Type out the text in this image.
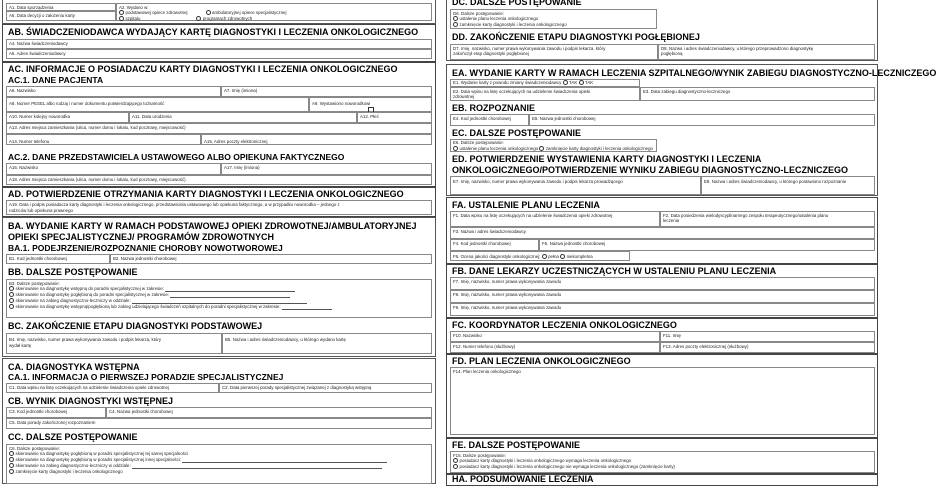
A1. Data sporządzenia	A2. Wydano w:
podstawowej opiece zdrowotnej	ambulatoryjnej opiece specjalistycznej
szpitalu	programach zdrowotnych
A6. Data decyzji o założeniu karty
AB. ŚWIADCZENIODAWCA WYDAJĄCY KARTĘ DIAGNOSTYKI I LECZENIA ONKOLOGICZNEGO
A4. Nazwa świadczeniodawcy
A5. Adres świadczeniodawcy
AC. INFORMACJE O POSIADACZU KARTY DIAGNOSTYKI I LECZENIA ONKOLOGICZNEGO
AC.1. DANE PACJENTA
A6. Nazwisko	A7. Imię (imiona)
A8. Numer PESEL albo rodzaj i numer dokumentu potwierdzającego tożsamość	A9. Wystawiono noworodkowi
A10. Numer kolejny noworodka	A11. Data urodzenia	A12. Płeć
A13. Adres miejsca zamieszkania (ulica, numer domu i lokalu, kod pocztowy, miejscowość)
A14. Numer telefonu	A15. Adres poczty elektronicznej
AC.2. DANE PRZEDSTAWICIELA USTAWOWEGO ALBO OPIEKUNA FAKTYCZNEGO
A16. Nazwisko	A17. Imię (imiona)
A18. Adres miejsca zamieszkania (ulica, numer domu i lokalu, kod pocztowy, miejscowość)
AD. POTWIERDZENIE OTRZYMANIA KARTY DIAGNOSTYKI I LECZENIA ONKOLOGICZNEGO
A19. Data i podpis posiadacza karty diagnostyki i leczenia onkologicznego, przedstawiciela ustawowego lub opiekuna faktycznego, a w przypadku noworodka – jednego z
rodziców lub opiekuna prawnego
BA. WYDANIE KARTY W RAMACH PODSTAWOWEJ OPIEKI ZDROWOTNEJ/AMBULATORYJNEJ OPIEKI SPECJALISTYCZNEJ/ PROGRAMÓW ZDROWOTNYCH
BA.1. PODEJRZENIE/ROZPOZNANIE CHOROBY NOWOTWOROWEJ
B1. Kod jednostki chorobowej	B2. Nazwa jednostki chorobowej
BB. DALSZE POSTĘPOWANIE
B3. Dalsze postępowanie:
skierowanie na diagnostykę wstępną do poradni specjalistycznej w zakresie:
skierowanie na diagnostykę pogłębioną do poradni specjalistycznej w zakresie:
skierowanie na zabieg diagnostyczno-leczniczy w oddziale:
skierowanie na diagnostykę wstępną/pogłębioną lub zabieg udzielającego świadczeń szpitalnych do poradni specjalistycznej w zakresie:
BC. ZAKOŃCZENIE ETAPU DIAGNOSTYKI PODSTAWOWEJ
B4. Imię, nazwisko, numer prawa wykonywania zawodu i podpis lekarza, który
wydał kartę
B5. Nazwa i adres świadczeniodawcy, u którego wydano kartę
CA. DIAGNOSTYKA WSTĘPNA
CA.1. INFORMACJA O PIERWSZEJ PORADZIE SPECJALISTYCZNEJ
C1. Data wpisu na listę oczekujących na udzielenie świadczenia opieki zdrowotnej	C2. Data pierwszej porady specjalistycznej związanej z diagnostyką wstępną
CB. WYNIK DIAGNOSTYKI WSTĘPNEJ
C3. Kod jednostki chorobowej	C4. Nazwa jednostki chorobowej
C5. Data porady zakończonej rozpoznaniem
CC. DALSZE POSTĘPOWANIE
C6. Dalsze postępowanie:
skierowanie na diagnostykę pogłębioną w poradni specjalistycznej tej samej specjalności
skierowanie na diagnostykę pogłębioną w poradni specjalistycznej innej specjalności:
skierowanie na zabieg diagnostyczno-leczniczy w oddziale:
zamknięcie karty diagnostyki i leczenia onkologicznego
DC. DALSZE POSTĘPOWANIE
D6. Dalsze postępowanie:
ustalenie planu leczenia onkologicznego
zamknięcie karty diagnostyki i leczenia onkologicznego
DD. ZAKOŃCZENIE ETAPU DIAGNOSTYKI POGŁĘBIONEJ
D7. Imię, nazwisko, numer prawa wykonywania zawodu i podpis lekarza, który
zakończył etap diagnostyki pogłębionej
D8. Nazwa i adres świadczeniodawcy, u którego przeprowadzono diagnostykę
pogłębioną
EA. WYDANIE KARTY W RAMACH LECZENIA SZPITALNEGO/WYNIK ZABIEGU DIAGNOSTYCZNO-LECZNICZEGO
E1. Wydanie karty z powodu zmiany świadczeniodawcy TAK TAK
E2. Data wpisu na listę oczekujących na udzielenie świadczenia opieki
zdrowotnej
E3. Data zabiegu diagnostyczno-leczniczego
EB. ROZPOZNANIE
E4. Kod jednostki chorobowej	E5. Nazwa jednostki chorobowej
EC. DALSZE POSTĘPOWANIE
E6. Dalsze postępowanie:
ustalenie planu leczenia onkologicznego zamknięcie karty diagnostyki i leczenia onkologicznego
ED. POTWIERDZENIE WYSTAWIENIA KARTY DIAGNOSTYKI I LECZENIA ONKOLOGICZNEGO/POTWIERDZENIE WYNIKU ZABIEGU DIAGNOSTYCZNO-LECZNICZEGO
E7. Imię, nazwisko, numer prawa wykonywania zawodu i podpis lekarza prowadzącego	E8. Nazwa i adres świadczeniodawcy, u którego postawiono rozpoznanie
FA. USTALENIE PLANU LECZENIA
F1. Data wpisu na listę oczekujących na udzielenie świadczenia opieki zdrowotnej	F2. Data posiedzenia wielodyscyplinarnego zespołu terapeutycznego/ustalenia planu
leczenia
F3. Nazwa i adres świadczeniodawcy
F4. Kod jednostki chorobowej	F5. Nazwa jednostki chorobowej
F6. Ocena jakości diagnostyki onkologicznej: pełna niekompletna
FB. DANE LEKARZY UCZESTNICZĄCYCH W USTALENIU PLANU LECZENIA
F7. Imię, nazwisko, numer prawa wykonywania zawodu
F8. Imię, nazwisko, numer prawa wykonywania zawodu
F9. Imię, nazwisko, numer prawa wykonywania zawodu
FC. KOORDYNATOR LECZENIA ONKOLOGICZNEGO
F10. Nazwisko	F11. Imię
F12. Numer telefonu (służbowy)	F13. Adres poczty elektronicznej (służbowy)
FD. PLAN LECZENIA ONKOLOGICZNEGO
F14. Plan leczenia onkologicznego
FE. DALSZE POSTĘPOWANIE
F15. Dalsze postępowanie:
posiadacz karty diagnostyki i leczenia onkologicznego wymaga leczenia onkologicznego
posiadacz karty diagnostyki i leczenia onkologicznego nie wymaga leczenia onkologicznego (zamknięcie karty)
HA. PODSUMOWANIE LECZENIA
